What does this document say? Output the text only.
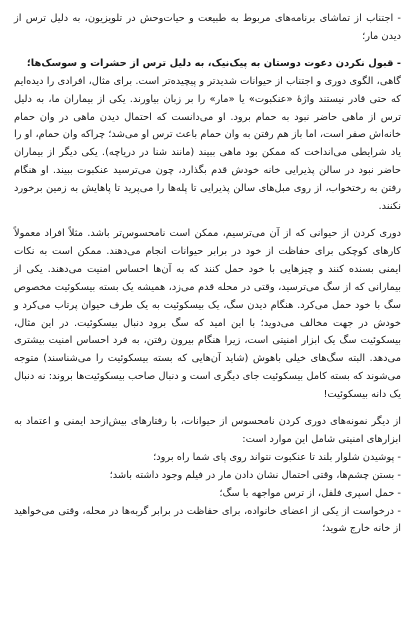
- اجتناب از تماشای برنامه‌های مربوط به طبیعت و حیات‌وحش در تلویزیون، به دلیل ترس از دیدن مار؛

- قبول نکردن دعوت دوستان به پیک‌نیک، به دلیل ترس از حشرات و سوسک‌ها؛

گاهی، الگوی دوری و اجتناب از حیوانات شدیدتر و پیچیده‌تر است. برای مثال، افرادی را دیده‌ایم که حتی قادر نیستند واژهٔ «عنکبوت» یا «مار» را بر زبان بیاورند. یکی از بیماران ما، به دلیل ترس از ماهی حاضر نبود به حمام برود. او می‌دانست که احتمال دیدن ماهی در وان حمام خانه‌اش صفر است، اما باز هم رفتن به وان حمام باعث ترس او می‌شد؛ چراکه وان حمام، او را یاد شرایطی می‌انداخت که ممکن بود ماهی ببیند (مانند شنا در دریاچه). یکی دیگر از بیماران حاضر نبود در سالن پذیرایی خانه خودش قدم بگذارد، چون می‌ترسید عنکبوت ببیند. او هنگام رفتن به رختخواب، از روی مبل‌های سالن پذیرایی تا پله‌ها را می‌پرید تا پاهایش به زمین برخورد نکنند.

دوری کردن از حیوانی که از آن می‌ترسیم، ممکن است نامحسوس‌تر باشد. مثلاً افراد معمولاً کارهای کوچکی برای حفاظت از خود در برابر حیوانات انجام می‌دهند. ممکن است به نکات ایمنی بسنده کنند و چیزهایی با خود حمل کنند که به آن‌ها احساس امنیت می‌دهند. یکی از بیمارانی که از سگ می‌ترسید، وقتی در محله قدم می‌زد، همیشه یک بسته بیسکوئیت مخصوص سگ با خود حمل می‌کرد. هنگام دیدن سگ، یک بیسکوئیت به یک طرف حیوان پرتاب می‌کرد و خودش در جهت مخالف می‌دوید؛ با این امید که سگ برود دنبال بیسکوئیت. در این مثال، بیسکوئیت سگ یک ابزار امنیتی است، زیرا هنگام بیرون رفتن، به فرد احساس امنیت بیشتری می‌دهد. البته سگ‌های خیلی باهوش (شاید آن‌هایی که بسته بیسکوئیت را می‌شناسند) متوجه می‌شوند که بسته کامل بیسکوئیت جای دیگری است و دنبال صاحب بیسکوئیت‌ها بروند: نه دنبال یک دانه بیسکوئیت!

از دیگر نمونه‌های دوری کردن نامحسوس از حیوانات، با رفتارهای بیش‌ازحد ایمنی و اعتماد به ابزارهای امنیتی شامل این موارد است:

- پوشیدن شلوار بلند تا عنکبوت نتواند روی پای شما راه برود؛

- بستن چشم‌ها، وقتی احتمال نشان دادن مار در فیلم وجود داشته باشد؛

- حمل اسپری فلفل، از ترس مواجهه با سگ؛

- درخواست از یکی از اعضای خانواده، برای حفاظت در برابر گربه‌ها در محله، وقتی می‌خواهید از خانه خارج شوید؛
